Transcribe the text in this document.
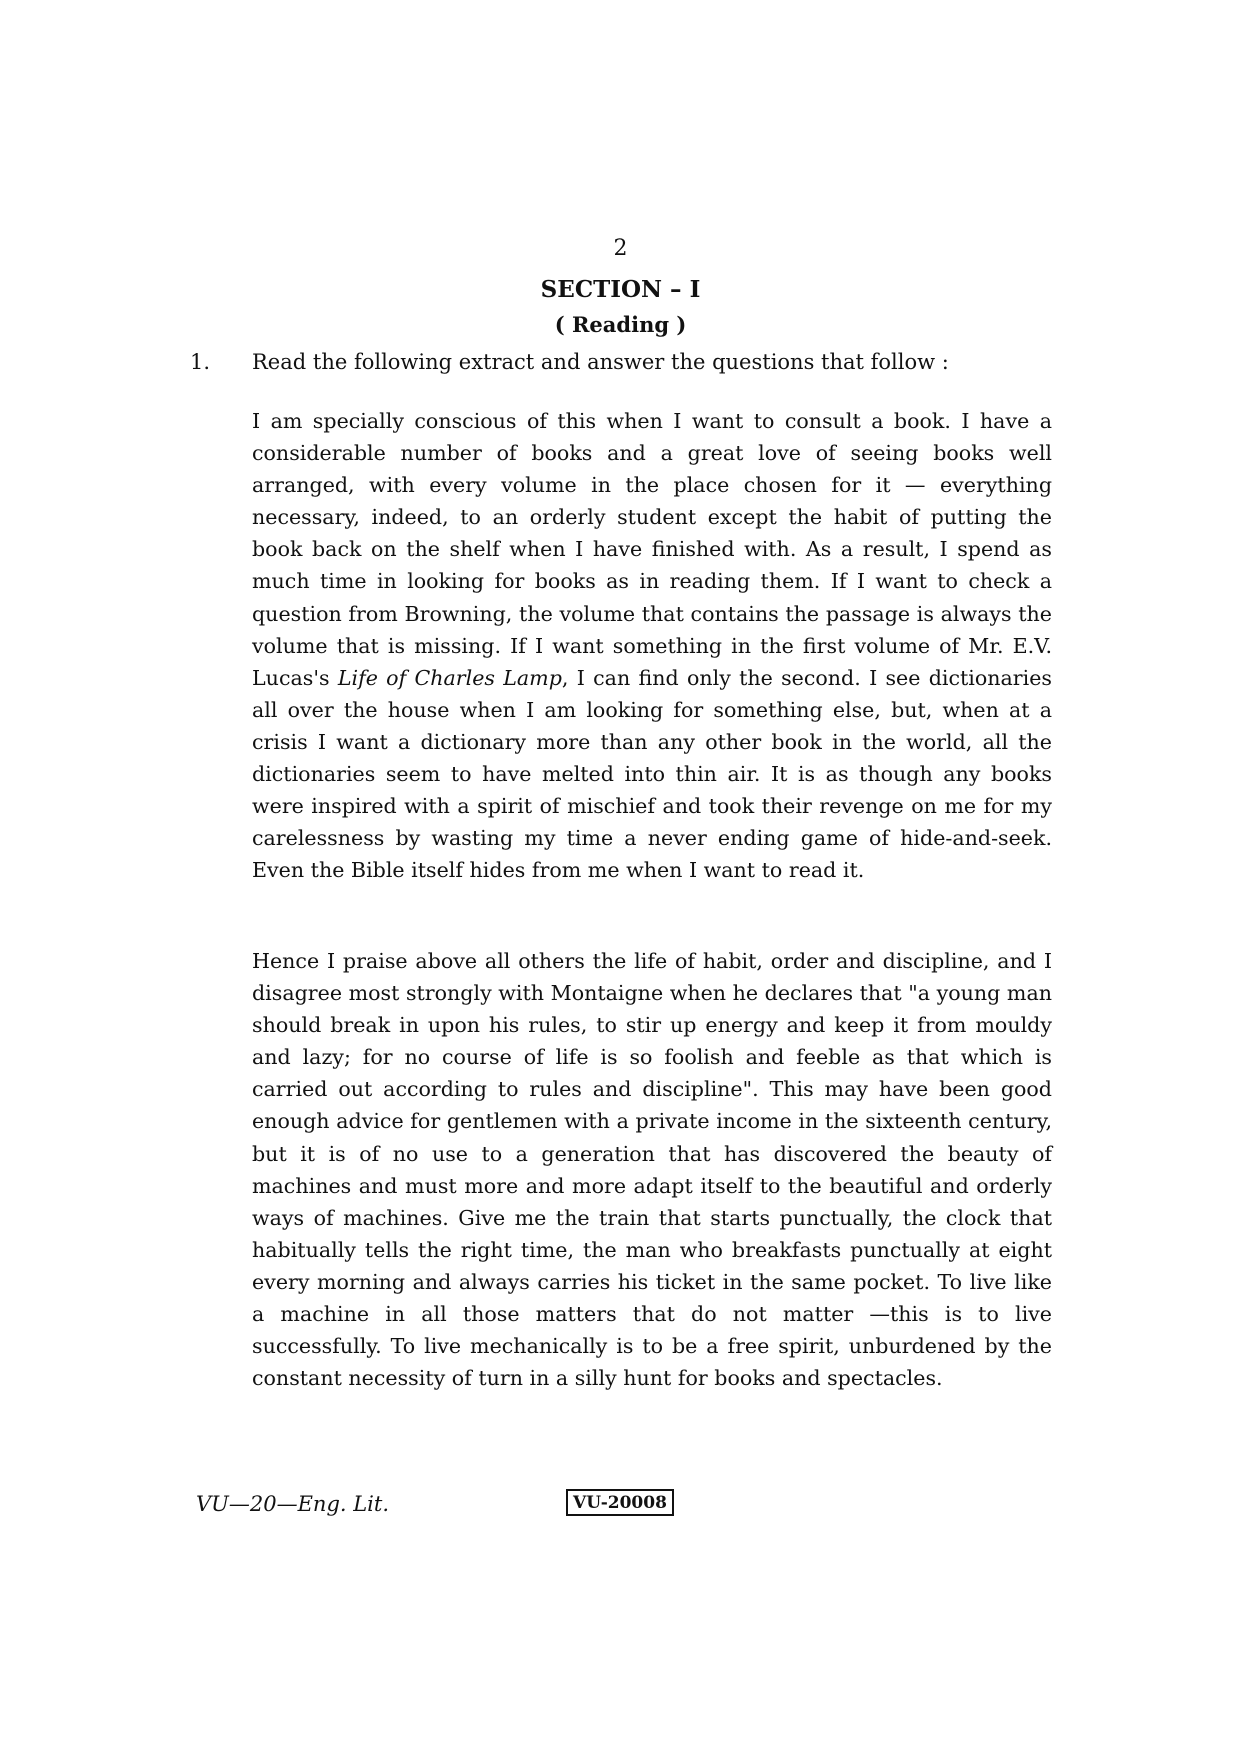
2
SECTION – I
( Reading )
1. Read the following extract and answer the questions that follow :

I am specially conscious of this when I want to consult a book. I have a considerable number of books and a great love of seeing books well arranged, with every volume in the place chosen for it — everything necessary, indeed, to an orderly student except the habit of putting the book back on the shelf when I have finished with. As a result, I spend as much time in looking for books as in reading them. If I want to check a question from Browning, the volume that contains the passage is always the volume that is missing. If I want something in the first volume of Mr. E.V. Lucas's Life of Charles Lamp, I can find only the second. I see dictionaries all over the house when I am looking for something else, but, when at a crisis I want a dictionary more than any other book in the world, all the dictionaries seem to have melted into thin air. It is as though any books were inspired with a spirit of mischief and took their revenge on me for my carelessness by wasting my time a never ending game of hide-and-seek. Even the Bible itself hides from me when I want to read it.

Hence I praise above all others the life of habit, order and discipline, and I disagree most strongly with Montaigne when he declares that "a young man should break in upon his rules, to stir up energy and keep it from mouldy and lazy; for no course of life is so foolish and feeble as that which is carried out according to rules and discipline". This may have been good enough advice for gentlemen with a private income in the sixteenth century, but it is of no use to a generation that has discovered the beauty of machines and must more and more adapt itself to the beautiful and orderly ways of machines. Give me the train that starts punctually, the clock that habitually tells the right time, the man who breakfasts punctually at eight every morning and always carries his ticket in the same pocket. To live like a machine in all those matters that do not matter —this is to live successfully. To live mechanically is to be a free spirit, unburdened by the constant necessity of turn in a silly hunt for books and spectacles.

VU—20—Eng. Lit.	VU-20008
